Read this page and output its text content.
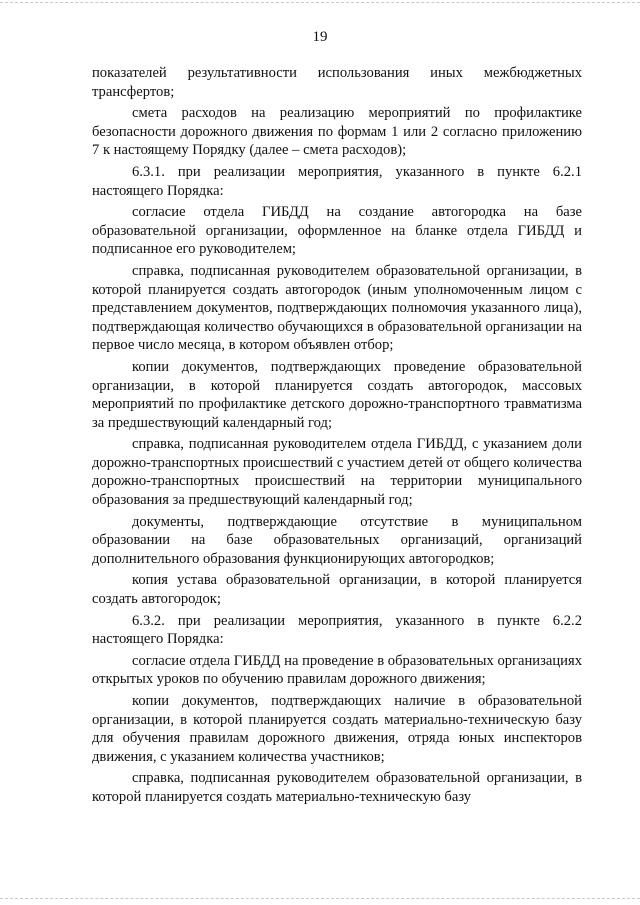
19

показателей результативности использования иных межбюджетных трансфертов;

смета расходов на реализацию мероприятий по профилактике безопасности дорожного движения по формам 1 или 2 согласно приложению 7 к настоящему Порядку (далее – смета расходов);

6.3.1. при реализации мероприятия, указанного в пункте 6.2.1 настоящего Порядка:

согласие отдела ГИБДД на создание автогородка на базе образовательной организации, оформленное на бланке отдела ГИБДД и подписанное его руководителем;

справка, подписанная руководителем образовательной организации, в которой планируется создать автогородок (иным уполномоченным лицом с представлением документов, подтверждающих полномочия указанного лица), подтверждающая количество обучающихся в образовательной организации на первое число месяца, в котором объявлен отбор;

копии документов, подтверждающих проведение образовательной организации, в которой планируется создать автогородок, массовых мероприятий по профилактике детского дорожно-транспортного травматизма за предшествующий календарный год;

справка, подписанная руководителем отдела ГИБДД, с указанием доли дорожно-транспортных происшествий с участием детей от общего количества дорожно-транспортных происшествий на территории муниципального образования за предшествующий календарный год;

документы, подтверждающие отсутствие в муниципальном образовании на базе образовательных организаций, организаций дополнительного образования функционирующих автогородков;

копия устава образовательной организации, в которой планируется создать автогородок;

6.3.2. при реализации мероприятия, указанного в пункте 6.2.2 настоящего Порядка:

согласие отдела ГИБДД на проведение в образовательных организациях открытых уроков по обучению правилам дорожного движения;

копии документов, подтверждающих наличие в образовательной организации, в которой планируется создать материально-техническую базу для обучения правилам дорожного движения, отряда юных инспекторов движения, с указанием количества участников;

справка, подписанная руководителем образовательной организации, в которой планируется создать материально-техническую базу
